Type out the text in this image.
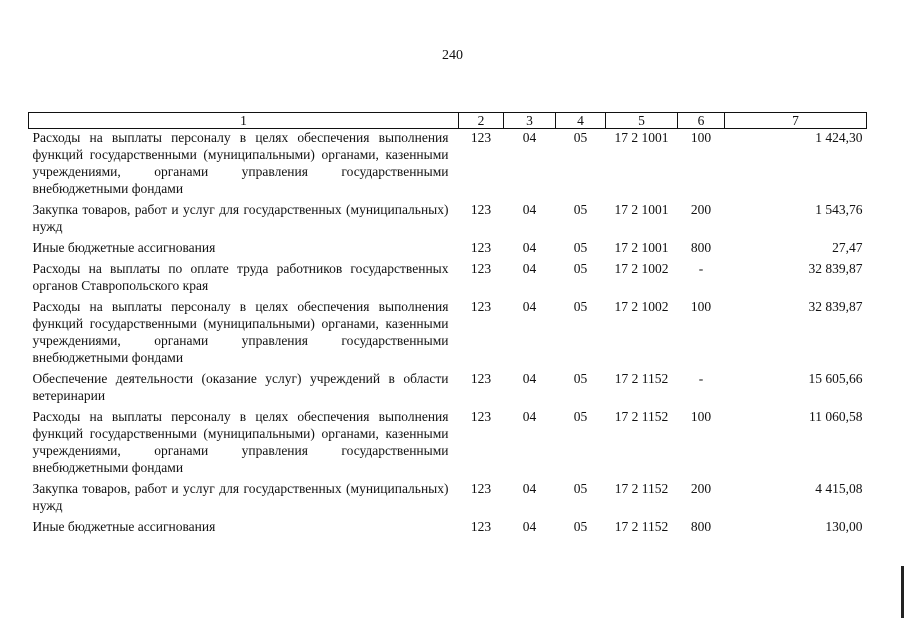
240
1	2	3	4	5	6	7
Расходы на выплаты персоналу в целях обеспечения выполнения функций государственными (муниципальными) органами, казенными учреждениями, органами управления государственными внебюджетными фондами	123	04	05	17 2 1001	100	1 424,30
Закупка товаров, работ и услуг для государственных (муниципальных) нужд	123	04	05	17 2 1001	200	1 543,76
Иные бюджетные ассигнования	123	04	05	17 2 1001	800	27,47
Расходы на выплаты по оплате труда работников государственных органов Ставропольского края	123	04	05	17 2 1002	-	32 839,87
Расходы на выплаты персоналу в целях обеспечения выполнения функций государственными (муниципальными) органами, казенными учреждениями, органами управления государственными внебюджетными фондами	123	04	05	17 2 1002	100	32 839,87
Обеспечение деятельности (оказание услуг) учреждений в области ветеринарии	123	04	05	17 2 1152	-	15 605,66
Расходы на выплаты персоналу в целях обеспечения выполнения функций государственными (муниципальными) органами, казенными учреждениями, органами управления государственными внебюджетными фондами	123	04	05	17 2 1152	100	11 060,58
Закупка товаров, работ и услуг для государственных (муниципальных) нужд	123	04	05	17 2 1152	200	4 415,08
Иные бюджетные ассигнования	123	04	05	17 2 1152	800	130,00
